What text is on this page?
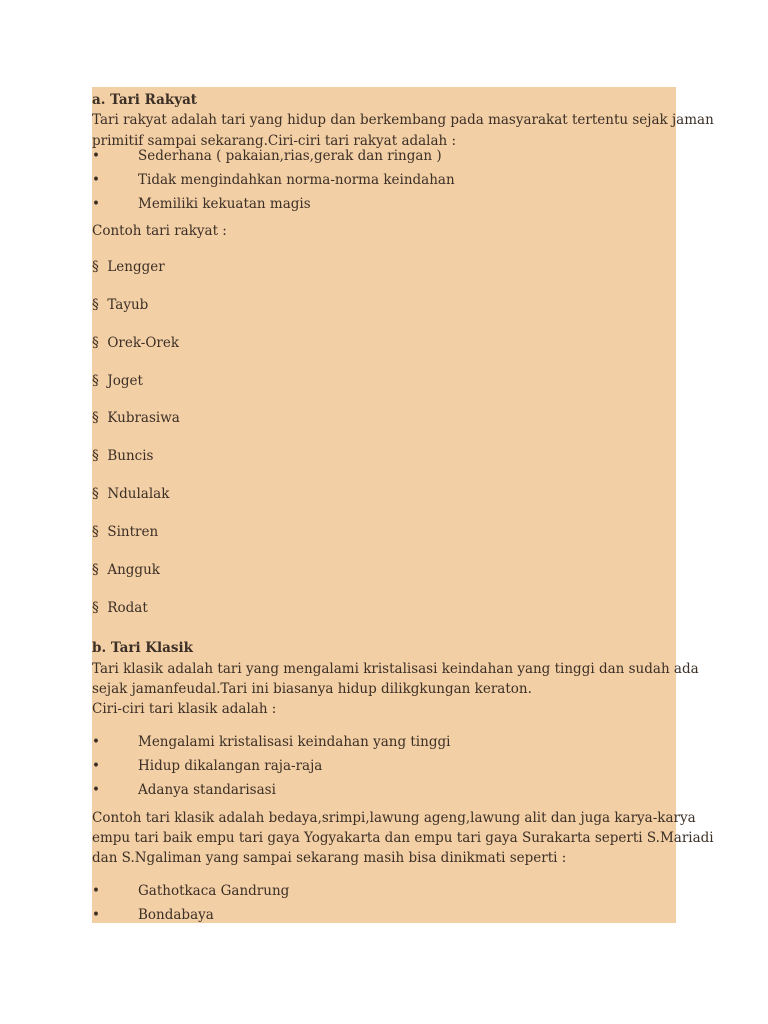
a. Tari Rakyat
Tari rakyat adalah tari yang hidup dan berkembang pada masyarakat tertentu sejak jaman
primitif sampai sekarang.Ciri-ciri tari rakyat adalah :
•	Sederhana ( pakaian,rias,gerak dan ringan )
•	Tidak mengindahkan norma-norma keindahan
•	Memiliki kekuatan magis
Contoh tari rakyat :
§ Lengger
§ Tayub
§ Orek-Orek
§ Joget
§ Kubrasiwa
§ Buncis
§ Ndulalak
§ Sintren
§ Angguk
§ Rodat
b. Tari Klasik
Tari klasik adalah tari yang mengalami kristalisasi keindahan yang tinggi dan sudah ada
sejak jamanfeudal.Tari ini biasanya hidup dilikgkungan keraton.
Ciri-ciri tari klasik adalah :
•	Mengalami kristalisasi keindahan yang tinggi
•	Hidup dikalangan raja-raja
•	Adanya standarisasi
Contoh tari klasik adalah bedaya,srimpi,lawung ageng,lawung alit dan juga karya-karya
empu tari baik empu tari gaya Yogyakarta dan empu tari gaya Surakarta seperti S.Mariadi
dan S.Ngaliman yang sampai sekarang masih bisa dinikmati seperti :
•	Gathotkaca Gandrung
•	Bondabaya
